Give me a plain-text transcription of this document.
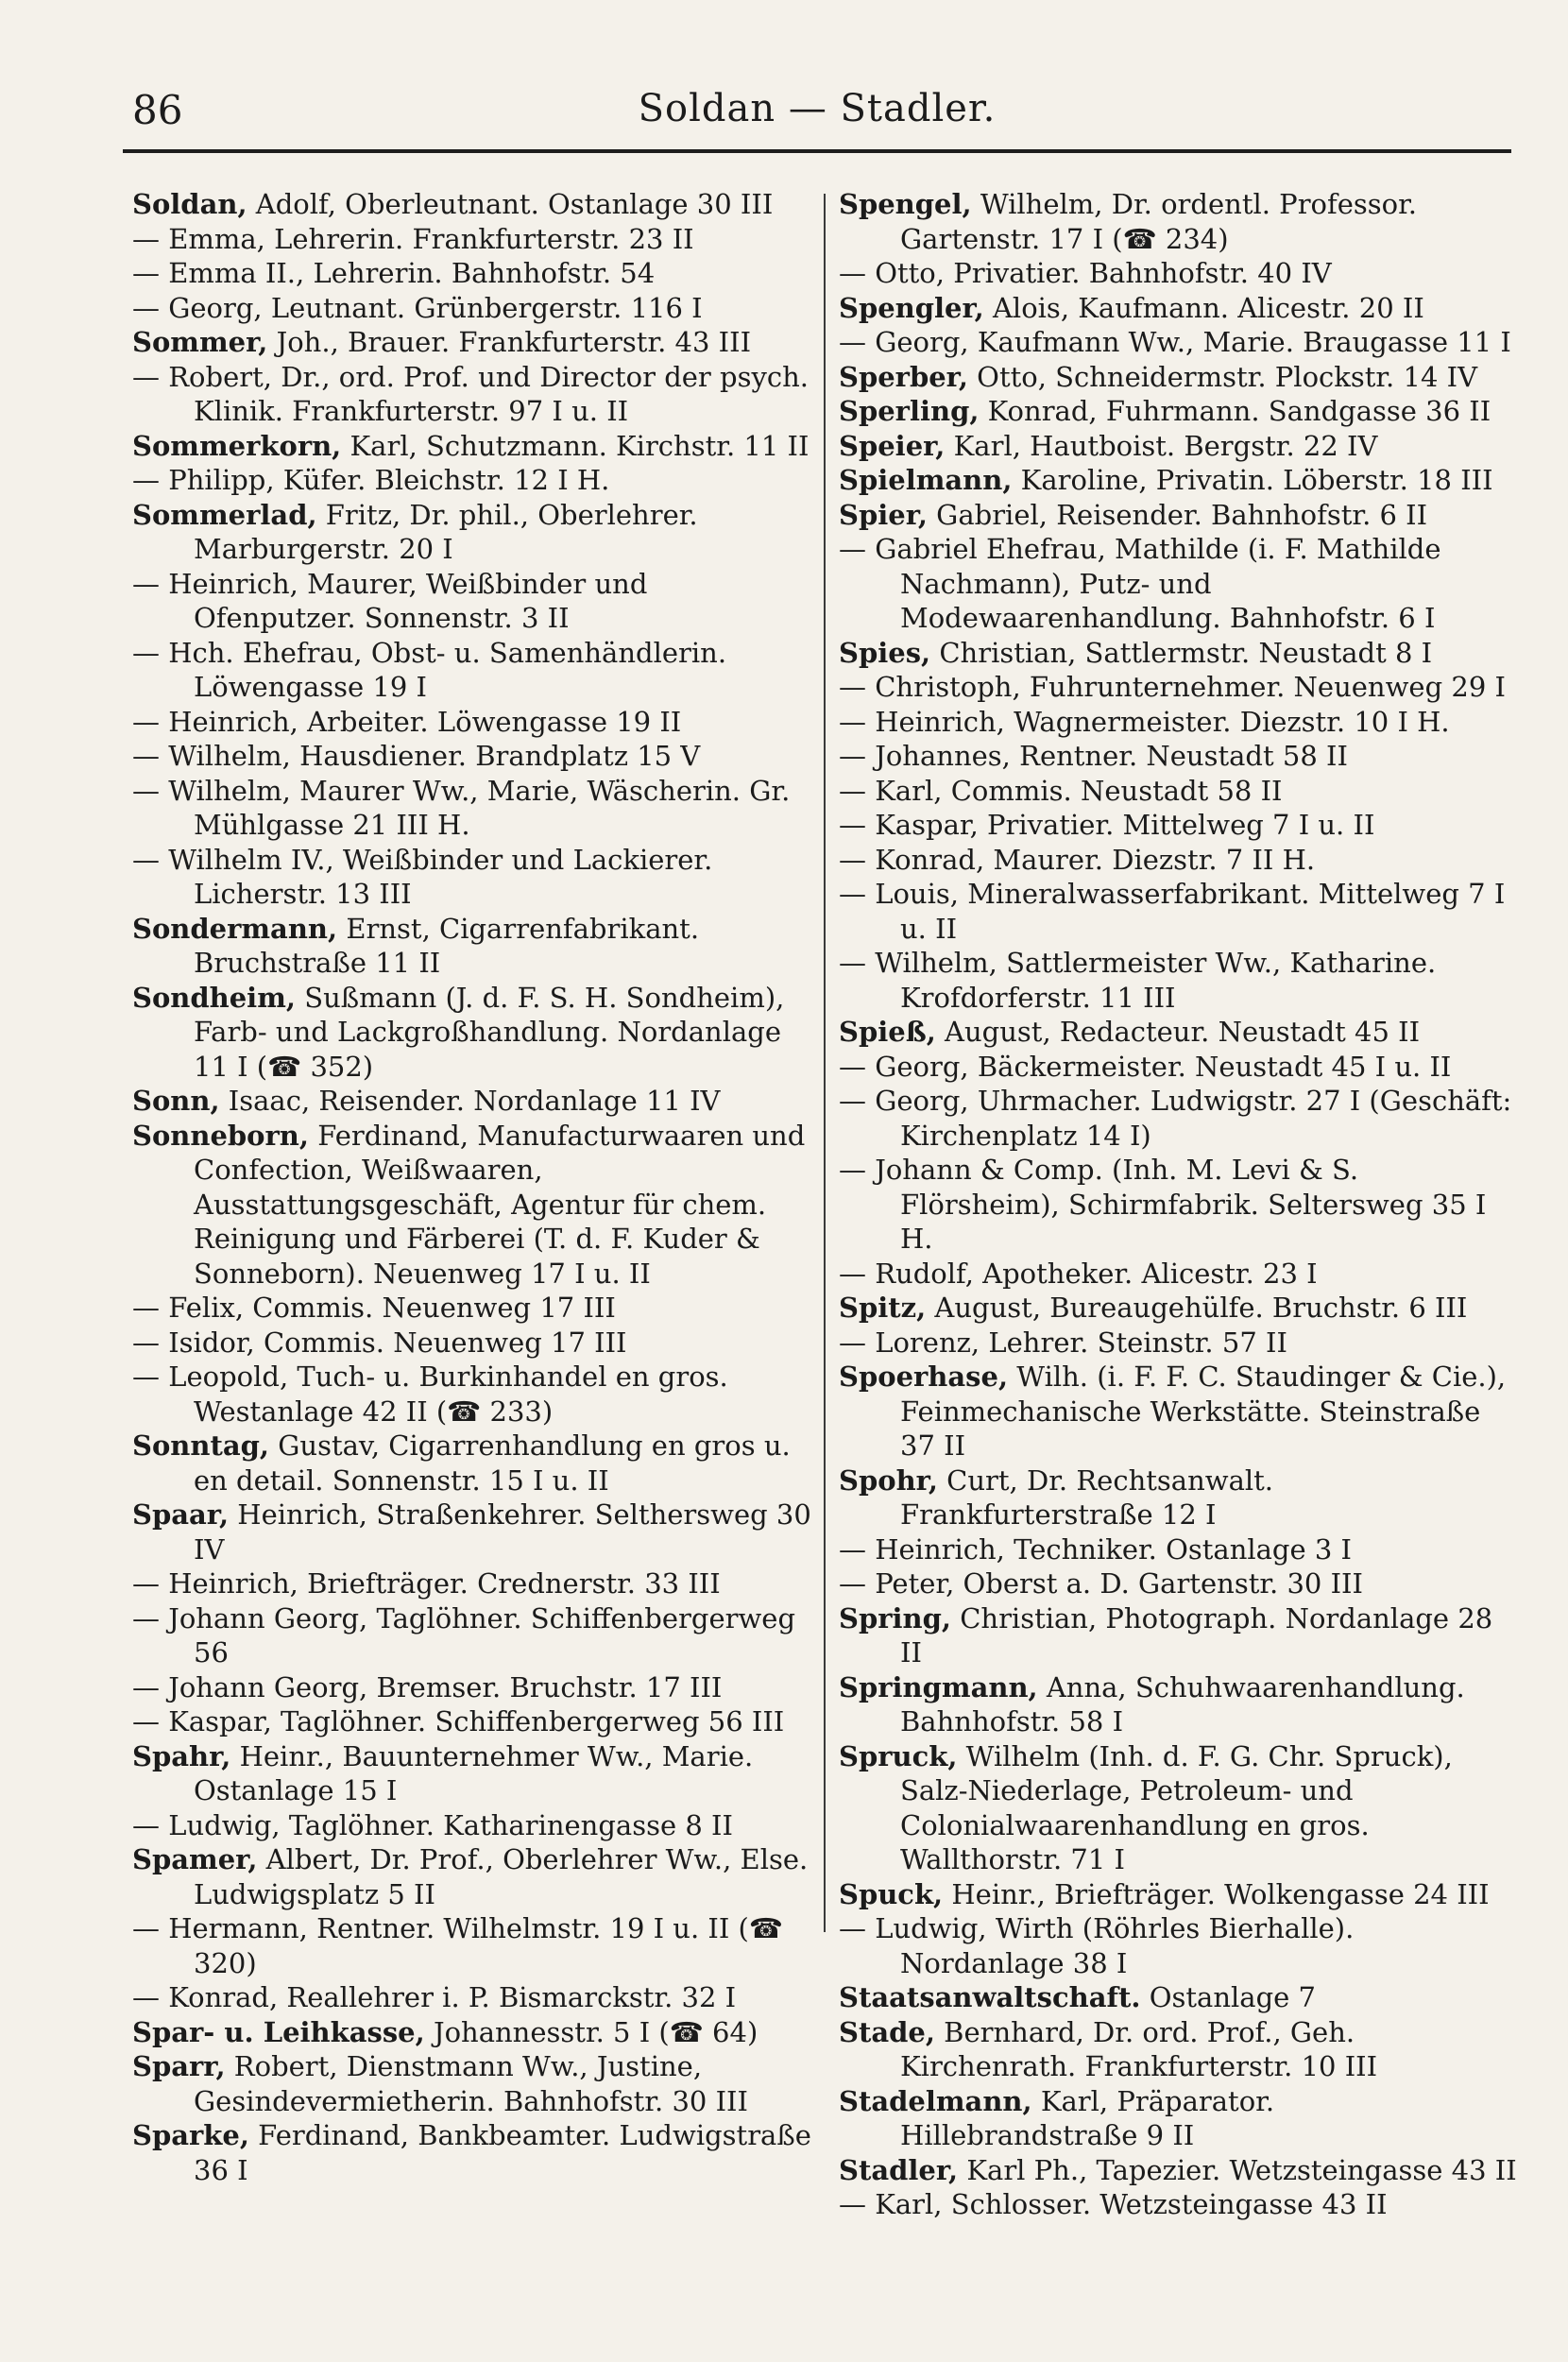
86	Soldan — Stadler.

Soldan, Adolf, Oberleutnant. Ostanlage 30 III

— Emma, Lehrerin. Frankfurterstr. 23 II

— Emma II., Lehrerin. Bahnhofstr. 54

— Georg, Leutnant. Grünbergerstr. 116 I

Sommer, Joh., Brauer. Frankfurterstr. 43 III

— Robert, Dr., ord. Prof. und Director der psych. Klinik. Frankfurterstr. 97 I u. II

Sommerkorn, Karl, Schutzmann. Kirchstr. 11 II

— Philipp, Küfer. Bleichstr. 12 I H.

Sommerlad, Fritz, Dr. phil., Oberlehrer. Marburgerstr. 20 I

— Heinrich, Maurer, Weißbinder und Ofenputzer. Sonnenstr. 3 II

— Hch. Ehefrau, Obst- u. Samenhändlerin. Löwengasse 19 I

— Heinrich, Arbeiter. Löwengasse 19 II

— Wilhelm, Hausdiener. Brandplatz 15 V

— Wilhelm, Maurer Ww., Marie, Wäscherin. Gr. Mühlgasse 21 III H.

— Wilhelm IV., Weißbinder und Lackierer. Licherstr. 13 III

Sondermann, Ernst, Cigarrenfabrikant. Bruchstraße 11 II

Sondheim, Sußmann (J. d. F. S. H. Sondheim), Farb- und Lackgroßhandlung. Nordanlage 11 I (☎ 352)

Sonn, Isaac, Reisender. Nordanlage 11 IV

Sonneborn, Ferdinand, Manufacturwaaren und Confection, Weißwaaren, Ausstattungsgeschäft, Agentur für chem. Reinigung und Färberei (T. d. F. Kuder & Sonneborn). Neuenweg 17 I u. II

— Felix, Commis. Neuenweg 17 III

— Isidor, Commis. Neuenweg 17 III

— Leopold, Tuch- u. Burkinhandel en gros. Westanlage 42 II (☎ 233)

Sonntag, Gustav, Cigarrenhandlung en gros u. en detail. Sonnenstr. 15 I u. II

Spaar, Heinrich, Straßenkehrer. Selthersweg 30 IV

— Heinrich, Briefträger. Crednerstr. 33 III

— Johann Georg, Taglöhner. Schiffenbergerweg 56

— Johann Georg, Bremser. Bruchstr. 17 III

— Kaspar, Taglöhner. Schiffenbergerweg 56 III

Spahr, Heinr., Bauunternehmer Ww., Marie. Ostanlage 15 I

— Ludwig, Taglöhner. Katharinengasse 8 II

Spamer, Albert, Dr. Prof., Oberlehrer Ww., Else. Ludwigsplatz 5 II

— Hermann, Rentner. Wilhelmstr. 19 I u. II (☎ 320)

— Konrad, Reallehrer i. P. Bismarckstr. 32 I

Spar- u. Leihkasse, Johannesstr. 5 I (☎ 64)

Sparr, Robert, Dienstmann Ww., Justine, Gesindevermietherin. Bahnhofstr. 30 III

Sparke, Ferdinand, Bankbeamter. Ludwigstraße 36 I

Spengel, Wilhelm, Dr. ordentl. Professor. Gartenstr. 17 I (☎ 234)

— Otto, Privatier. Bahnhofstr. 40 IV

Spengler, Alois, Kaufmann. Alicestr. 20 II

— Georg, Kaufmann Ww., Marie. Braugasse 11 I

Sperber, Otto, Schneidermstr. Plockstr. 14 IV

Sperling, Konrad, Fuhrmann. Sandgasse 36 II

Speier, Karl, Hautboist. Bergstr. 22 IV

Spielmann, Karoline, Privatin. Löberstr. 18 III

Spier, Gabriel, Reisender. Bahnhofstr. 6 II

— Gabriel Ehefrau, Mathilde (i. F. Mathilde Nachmann), Putz- und Modewaarenhandlung. Bahnhofstr. 6 I

Spies, Christian, Sattlermstr. Neustadt 8 I

— Christoph, Fuhrunternehmer. Neuenweg 29 I

— Heinrich, Wagnermeister. Diezstr. 10 I H.

— Johannes, Rentner. Neustadt 58 II

— Karl, Commis. Neustadt 58 II

— Kaspar, Privatier. Mittelweg 7 I u. II

— Konrad, Maurer. Diezstr. 7 II H.

— Louis, Mineralwasserfabrikant. Mittelweg 7 I u. II

— Wilhelm, Sattlermeister Ww., Katharine. Krofdorferstr. 11 III

Spieß, August, Redacteur. Neustadt 45 II

— Georg, Bäckermeister. Neustadt 45 I u. II

— Georg, Uhrmacher. Ludwigstr. 27 I (Geschäft: Kirchenplatz 14 I)

— Johann & Comp. (Inh. M. Levi & S. Flörsheim), Schirmfabrik. Seltersweg 35 I H.

— Rudolf, Apotheker. Alicestr. 23 I

Spitz, August, Bureaugehülfe. Bruchstr. 6 III

— Lorenz, Lehrer. Steinstr. 57 II

Spoerhase, Wilh. (i. F. F. C. Staudinger & Cie.), Feinmechanische Werkstätte. Steinstraße 37 II

Spohr, Curt, Dr. Rechtsanwalt. Frankfurterstraße 12 I

— Heinrich, Techniker. Ostanlage 3 I

— Peter, Oberst a. D. Gartenstr. 30 III

Spring, Christian, Photograph. Nordanlage 28 II

Springmann, Anna, Schuhwaarenhandlung. Bahnhofstr. 58 I

Spruck, Wilhelm (Inh. d. F. G. Chr. Spruck), Salz-Niederlage, Petroleum- und Colonialwaarenhandlung en gros. Wallthorstr. 71 I

Spuck, Heinr., Briefträger. Wolkengasse 24 III

— Ludwig, Wirth (Röhrles Bierhalle). Nordanlage 38 I

Staatsanwaltschaft. Ostanlage 7

Stade, Bernhard, Dr. ord. Prof., Geh. Kirchenrath. Frankfurterstr. 10 III

Stadelmann, Karl, Präparator. Hillebrandstraße 9 II

Stadler, Karl Ph., Tapezier. Wetzsteingasse 43 II

— Karl, Schlosser. Wetzsteingasse 43 II
